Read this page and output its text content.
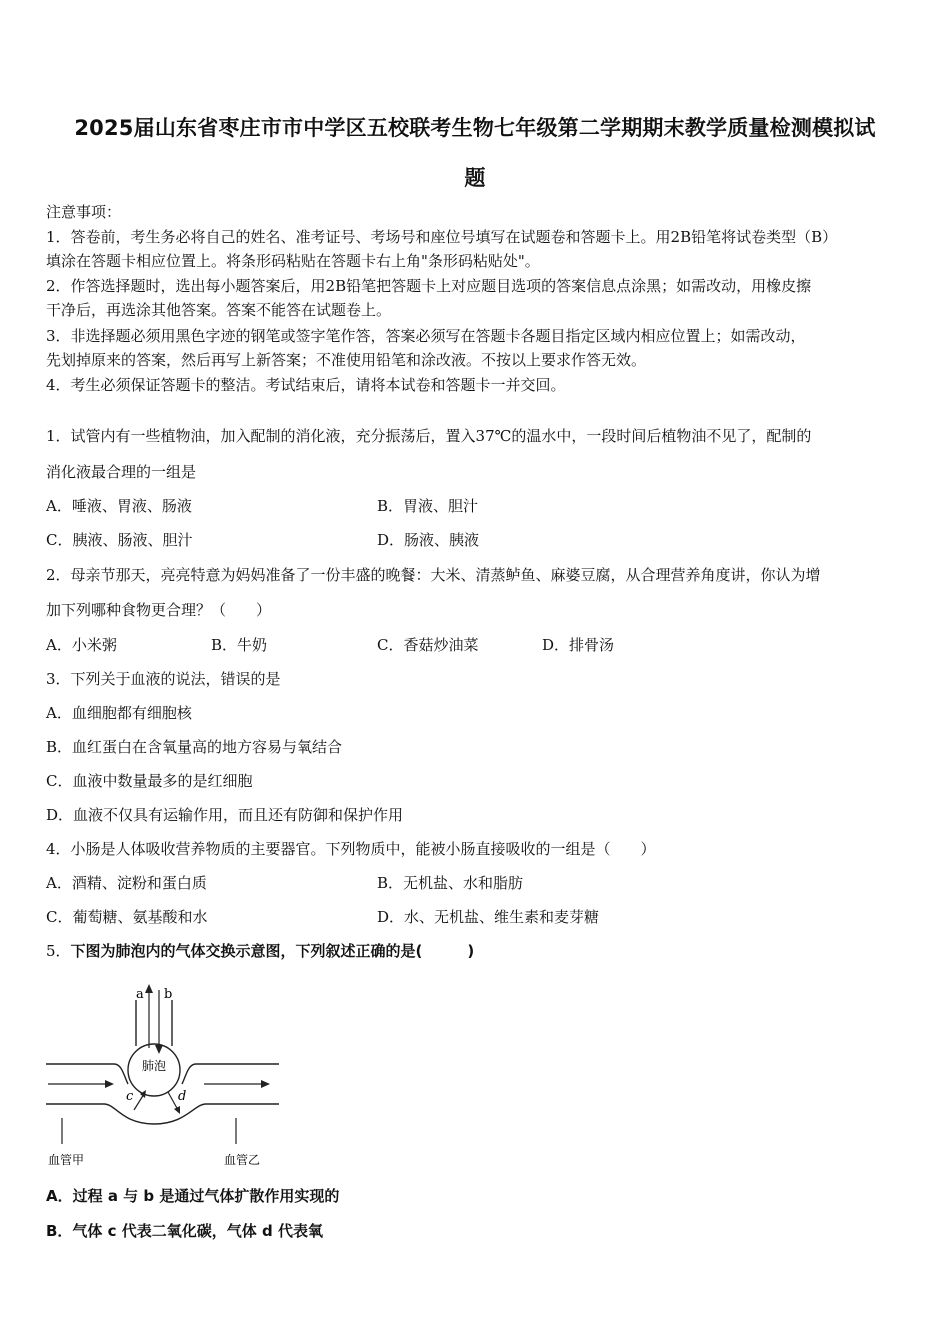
2025届山东省枣庄市市中学区五校联考生物七年级第二学期期末教学质量检测模拟试
题
注意事项：
1．答卷前，考生务必将自己的姓名、准考证号、考场号和座位号填写在试题卷和答题卡上。用2B铅笔将试卷类型（B）
填涂在答题卡相应位置上。将条形码粘贴在答题卡右上角"条形码粘贴处"。
2．作答选择题时，选出每小题答案后，用2B铅笔把答题卡上对应题目选项的答案信息点涂黑；如需改动，用橡皮擦
干净后，再选涂其他答案。答案不能答在试题卷上。
3．非选择题必须用黑色字迹的钢笔或签字笔作答，答案必须写在答题卡各题目指定区域内相应位置上；如需改动，
先划掉原来的答案，然后再写上新答案；不准使用铅笔和涂改液。不按以上要求作答无效。
4．考生必须保证答题卡的整洁。考试结束后，请将本试卷和答题卡一并交回。
1．试管内有一些植物油，加入配制的消化液，充分振荡后，置入37℃的温水中，一段时间后植物油不见了，配制的
消化液最合理的一组是
A．唾液、胃液、肠液	B．胃液、胆汁
C．胰液、肠液、胆汁	D．肠液、胰液
2．母亲节那天，亮亮特意为妈妈准备了一份丰盛的晚餐：大米、清蒸鲈鱼、麻婆豆腐，从合理营养角度讲，你认为增
加下列哪种食物更合理？（　　）
A．小米粥	B．牛奶	C．香菇炒油菜	D．排骨汤
3．下列关于血液的说法，错误的是
A．血细胞都有细胞核
B．血红蛋白在含氧量高的地方容易与氧结合
C．血液中数量最多的是红细胞
D．血液不仅具有运输作用，而且还有防御和保护作用
4．小肠是人体吸收营养物质的主要器官。下列物质中，能被小肠直接吸收的一组是（　　）
A．酒精、淀粉和蛋白质	B．无机盐、水和脂肪
C．葡萄糖、氨基酸和水	D．水、无机盐、维生素和麦芽糖
5．下图为肺泡内的气体交换示意图，下列叙述正确的是(　　　)
a b
肺泡
c	d
血管甲	血管乙
A．过程 a 与 b 是通过气体扩散作用实现的
B．气体 c 代表二氧化碳，气体 d 代表氧
